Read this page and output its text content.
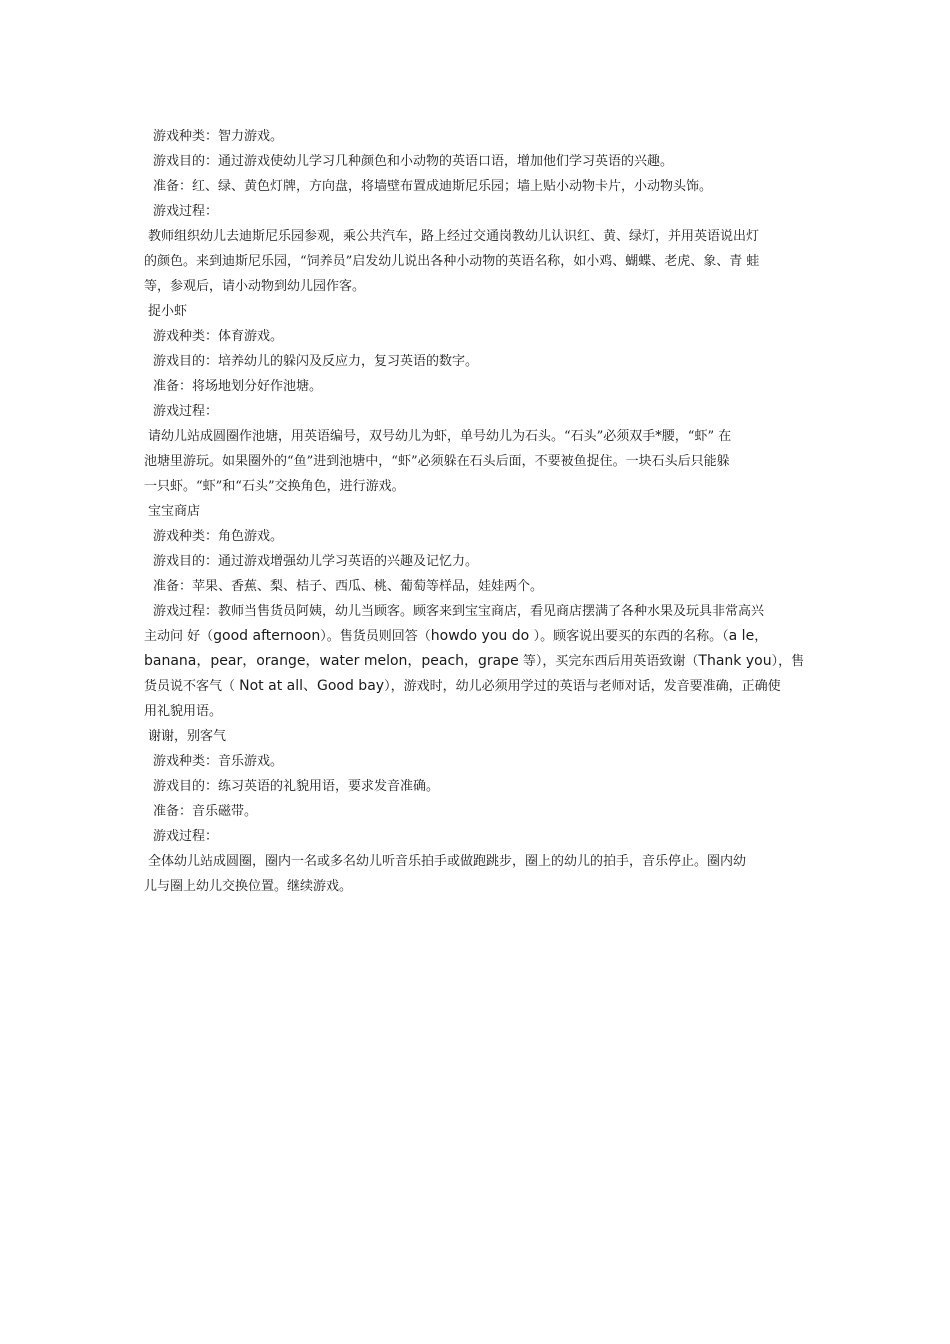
游戏种类：智力游戏。
游戏目的：通过游戏使幼儿学习几种颜色和小动物的英语口语，增加他们学习英语的兴趣。
准备：红、绿、黄色灯牌，方向盘，将墙壁布置成迪斯尼乐园；墙上贴小动物卡片，小动物头饰。
游戏过程：
教师组织幼儿去迪斯尼乐园参观，乘公共汽车，路上经过交通岗教幼儿认识红、黄、绿灯，并用英语说出灯
的颜色。来到迪斯尼乐园，“饲养员”启发幼儿说出各种小动物的英语名称，如小鸡、蝴蝶、老虎、象、青 蛙
等，参观后，请小动物到幼儿园作客。
捉小虾
游戏种类：体育游戏。
游戏目的：培养幼儿的躲闪及反应力，复习英语的数字。
准备：将场地划分好作池塘。
游戏过程：
请幼儿站成圆圈作池塘，用英语编号，双号幼儿为虾，单号幼儿为石头。“石头”必须双手*腰，“虾” 在
池塘里游玩。如果圈外的“鱼”进到池塘中，“虾”必须躲在石头后面，不要被鱼捉住。一块石头后只能躲
一只虾。“虾”和“石头”交换角色，进行游戏。
宝宝商店
游戏种类：角色游戏。
游戏目的：通过游戏增强幼儿学习英语的兴趣及记忆力。
准备：苹果、香蕉、梨、桔子、西瓜、桃、葡萄等样品，娃娃两个。
游戏过程：教师当售货员阿姨，幼儿当顾客。顾客来到宝宝商店，看见商店摆满了各种水果及玩具非常高兴
主动问 好（good afternoon）。售货员则回答（howdo you do ）。顾客说出要买的东西的名称。（a le，
banana，pear，orange，water melon，peach，grape 等），买完东西后用英语致谢（Thank you），售
货员说不客气（ Not at all、Good bay），游戏时，幼儿必须用学过的英语与老师对话，发音要准确，正确使
用礼貌用语。
谢谢，别客气
游戏种类：音乐游戏。
游戏目的：练习英语的礼貌用语，要求发音准确。
准备：音乐磁带。
游戏过程：
全体幼儿站成圆圈，圈内一名或多名幼儿听音乐拍手或做跑跳步，圈上的幼儿的拍手，音乐停止。圈内幼
儿与圈上幼儿交换位置。继续游戏。
